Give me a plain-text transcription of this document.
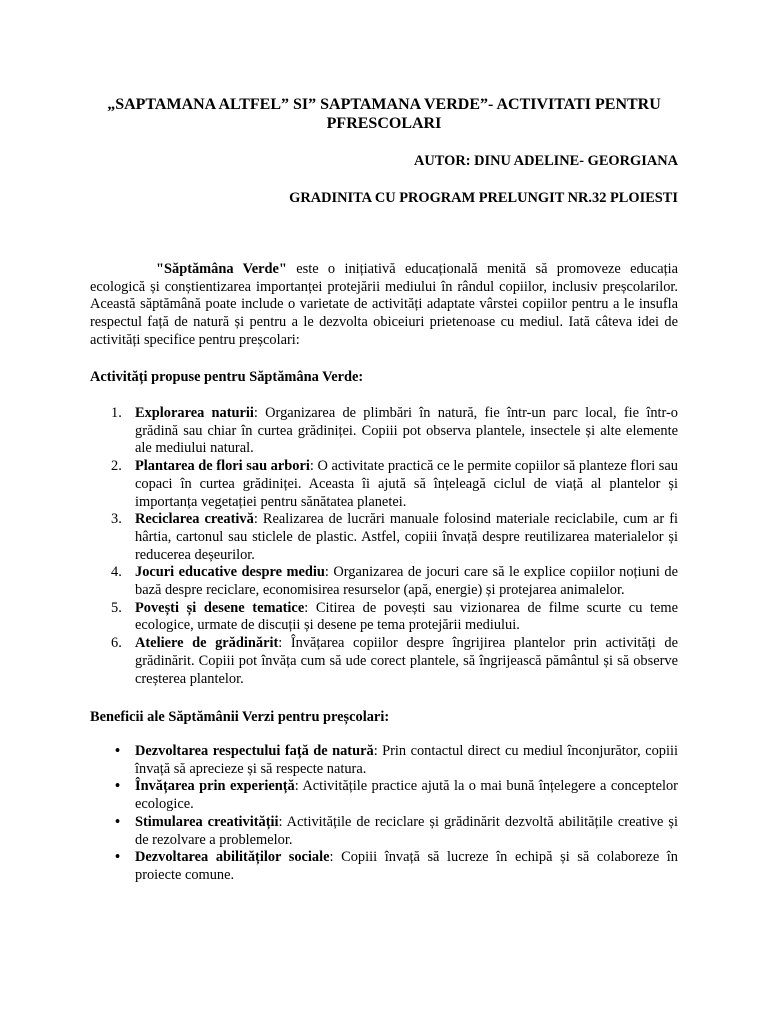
„SAPTAMANA ALTFEL” SI” SAPTAMANA VERDE”- ACTIVITATI PENTRU PFRESCOLARI
AUTOR: DINU ADELINE- GEORGIANA
GRADINITA CU PROGRAM PRELUNGIT NR.32 PLOIESTI

"Săptămâna Verde" este o inițiativă educațională menită să promoveze educația ecologică și conștientizarea importanței protejării mediului în rândul copiilor, inclusiv preșcolarilor. Această săptămână poate include o varietate de activități adaptate vârstei copiilor pentru a le insufla respectul față de natură și pentru a le dezvolta obiceiuri prietenoase cu mediul. Iată câteva idei de activități specifice pentru preșcolari:

Activități propuse pentru Săptămâna Verde:
1. Explorarea naturii: Organizarea de plimbări în natură, fie într-un parc local, fie într-o grădină sau chiar în curtea grădiniței. Copiii pot observa plantele, insectele și alte elemente ale mediului natural.
2. Plantarea de flori sau arbori: O activitate practică ce le permite copiilor să planteze flori sau copaci în curtea grădiniței. Aceasta îi ajută să înțeleagă ciclul de viață al plantelor și importanța vegetației pentru sănătatea planetei.
3. Reciclarea creativă: Realizarea de lucrări manuale folosind materiale reciclabile, cum ar fi hârtia, cartonul sau sticlele de plastic. Astfel, copiii învață despre reutilizarea materialelor și reducerea deșeurilor.
4. Jocuri educative despre mediu: Organizarea de jocuri care să le explice copiilor noțiuni de bază despre reciclare, economisirea resurselor (apă, energie) și protejarea animalelor.
5. Povești și desene tematice: Citirea de povești sau vizionarea de filme scurte cu teme ecologice, urmate de discuții și desene pe tema protejării mediului.
6. Ateliere de grădinărit: Învățarea copiilor despre îngrijirea plantelor prin activități de grădinărit. Copiii pot învăța cum să ude corect plantele, să îngrijească pământul și să observe creșterea plantelor.
Beneficii ale Săptămânii Verzi pentru preșcolari:
• Dezvoltarea respectului față de natură: Prin contactul direct cu mediul înconjurător, copiii învață să aprecieze și să respecte natura.
• Învățarea prin experiență: Activitățile practice ajută la o mai bună înțelegere a conceptelor ecologice.
• Stimularea creativității: Activitățile de reciclare și grădinărit dezvoltă abilitățile creative și de rezolvare a problemelor.
• Dezvoltarea abilităților sociale: Copiii învață să lucreze în echipă și să colaboreze în proiecte comune.
